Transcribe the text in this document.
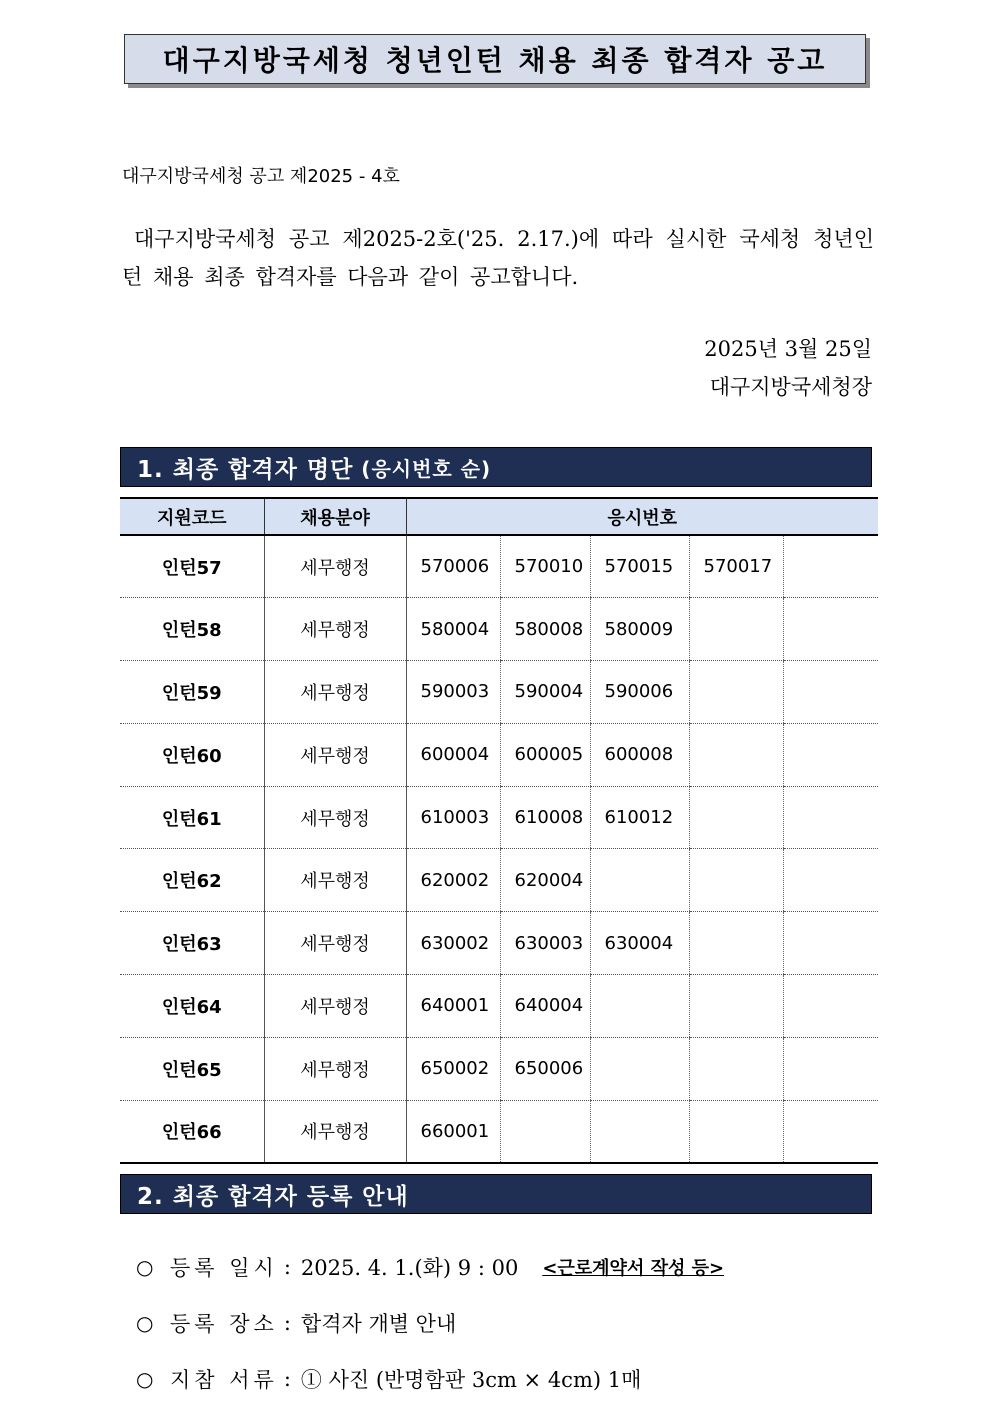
대구지방국세청 청년인턴 채용 최종 합격자 공고
대구지방국세청 공고 제2025 - 4호

대구지방국세청 공고 제2025-2호('25. 2.17.)에 따라 실시한 국세청 청년인턴 채용 최종 합격자를 다음과 같이 공고합니다.

2025년 3월 25일
대구지방국세청장
1. 최종 합격자 명단 (응시번호 순)
지원코드	채용분야	응시번호				
인턴57	세무행정	570006	570010	570015	570017	
인턴58	세무행정	580004	580008	580009		
인턴59	세무행정	590003	590004	590006		
인턴60	세무행정	600004	600005	600008		
인턴61	세무행정	610003	610008	610012		
인턴62	세무행정	620002	620004			
인턴63	세무행정	630002	630003	630004		
인턴64	세무행정	640001	640004			
인턴65	세무행정	650002	650006			
인턴66	세무행정	660001				
2. 최종 합격자 등록 안내
○ 등록 일시 : 2025. 4. 1.(화) 9 : 00 <근로계약서 작성 등>
○ 등록 장소 : 합격자 개별 안내
○ 지참 서류 : ① 사진 (반명함판 3cm × 4cm) 1매
